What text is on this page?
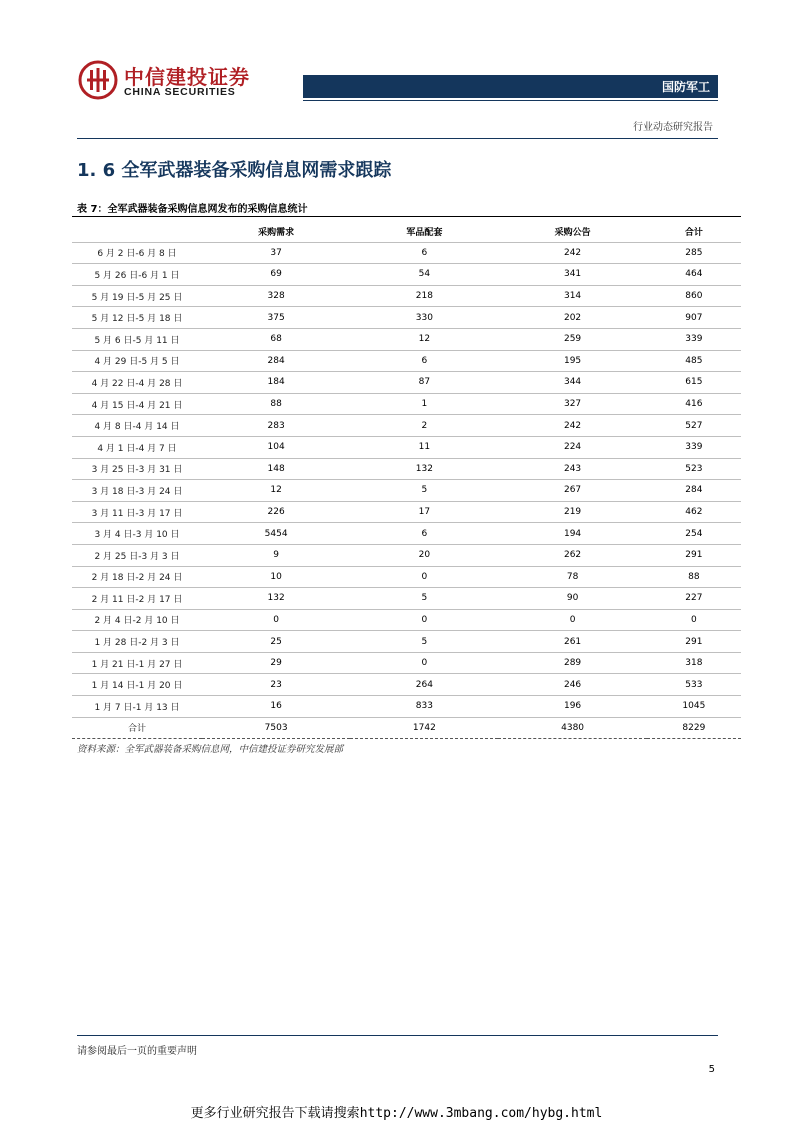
中信建投证券
CHINA SECURITIES	国防军工
行业动态研究报告
1. 6 全军武器装备采购信息网需求跟踪
表 7：全军武器装备采购信息网发布的采购信息统计
	采购需求	军品配套	采购公告	合计
6 月 2 日-6 月 8 日	37	6	242	285
5 月 26 日-6 月 1 日	69	54	341	464
5 月 19 日-5 月 25 日	328	218	314	860
5 月 12 日-5 月 18 日	375	330	202	907
5 月 6 日-5 月 11 日	68	12	259	339
4 月 29 日-5 月 5 日	284	6	195	485
4 月 22 日-4 月 28 日	184	87	344	615
4 月 15 日-4 月 21 日	88	1	327	416
4 月 8 日-4 月 14 日	283	2	242	527
4 月 1 日-4 月 7 日	104	11	224	339
3 月 25 日-3 月 31 日	148	132	243	523
3 月 18 日-3 月 24 日	12	5	267	284
3 月 11 日-3 月 17 日	226	17	219	462
3 月 4 日-3 月 10 日	5454	6	194	254
2 月 25 日-3 月 3 日	9	20	262	291
2 月 18 日-2 月 24 日	10	0	78	88
2 月 11 日-2 月 17 日	132	5	90	227
2 月 4 日-2 月 10 日	0	0	0	0
1 月 28 日-2 月 3 日	25	5	261	291
1 月 21 日-1 月 27 日	29	0	289	318
1 月 14 日-1 月 20 日	23	264	246	533
1 月 7 日-1 月 13 日	16	833	196	1045
合计	7503	1742	4380	8229
资料来源：全军武器装备采购信息网，中信建投证券研究发展部
请参阅最后一页的重要声明
5
更多行业研究报告下载请搜索http://www.3mbang.com/hybg.html
